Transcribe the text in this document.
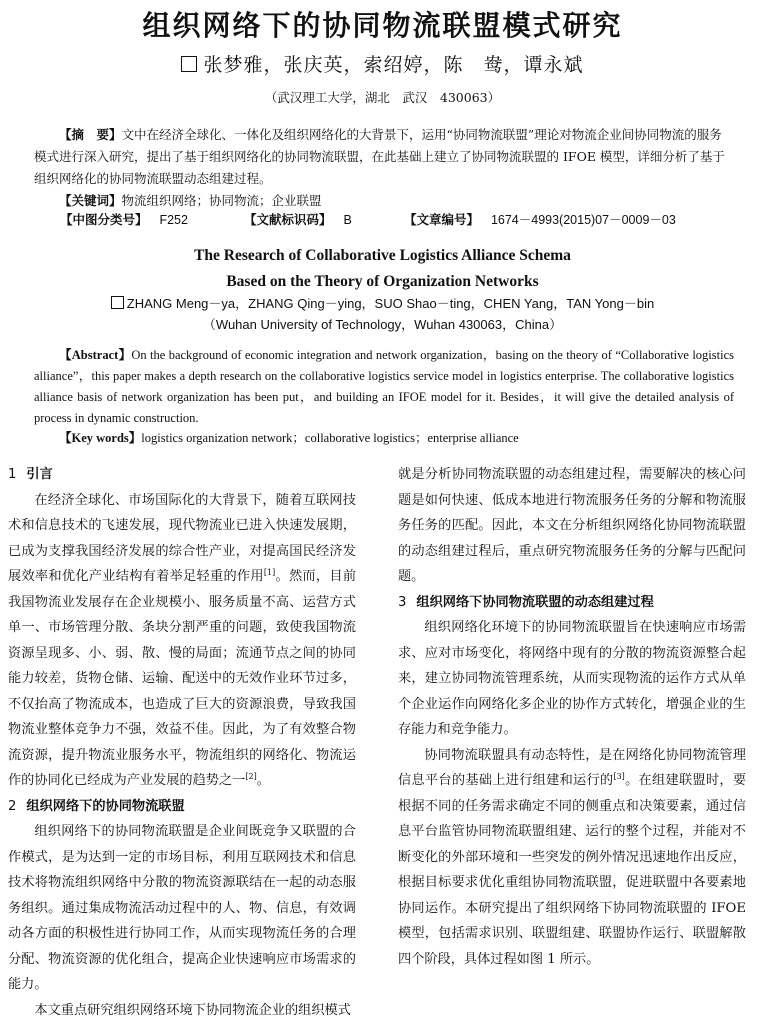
组织网络下的协同物流联盟模式研究
张梦雅，张庆英，索绍婷，陈　鸯，谭永斌
（武汉理工大学，湖北　武汉　430063）
【摘　要】文中在经济全球化、一体化及组织网络化的大背景下，运用“协同物流联盟”理论对物流企业间协同物流的服务模式进行深入研究，提出了基于组织网络化的协同物流联盟，在此基础上建立了协同物流联盟的 IFOE 模型，详细分析了基于组织网络化的协同物流联盟动态组建过程。
【关键词】物流组织网络；协同物流；企业联盟
【中图分类号】 F252	【文献标识码】 B	【文章编号】 1674－4993(2015)07－0009－03
The Research of Collaborative Logistics Alliance Schema
Based on the Theory of Organization Networks
ZHANG Meng－ya，ZHANG Qing－ying，SUO Shao－ting，CHEN Yang，TAN Yong－bin
（Wuhan University of Technology，Wuhan 430063，China）
【Abstract】On the background of economic integration and network organization，basing on the theory of “Collaborative logistics alliance”，this paper makes a depth research on the collaborative logistics service model in logistics enterprise. The collaborative logistics alliance basis of network organization has been put，and building an IFOE model for it. Besides，it will give the detailed analysis of process in dynamic construction.
【Key words】logistics organization network；collaborative logistics；enterprise alliance
1 引言

在经济全球化、市场国际化的大背景下，随着互联网技术和信息技术的飞速发展，现代物流业已进入快速发展期，已成为支撑我国经济发展的综合性产业，对提高国民经济发展效率和优化产业结构有着举足轻重的作用[1]。然而，目前我国物流业发展存在企业规模小、服务质量不高、运营方式单一、市场管理分散、条块分割严重的问题，致使我国物流资源呈现多、小、弱、散、慢的局面；流通节点之间的协同能力较差，货物仓储、运输、配送中的无效作业环节过多，不仅抬高了物流成本，也造成了巨大的资源浪费，导致我国物流业整体竞争力不强，效益不佳。因此，为了有效整合物流资源，提升物流业服务水平，物流组织的网络化、物流运作的协同化已经成为产业发展的趋势之一[2]。

2 组织网络下的协同物流联盟

组织网络下的协同物流联盟是企业间既竞争又联盟的合作模式，是为达到一定的市场目标，利用互联网技术和信息技术将物流组织网络中分散的物流资源联结在一起的动态服务组织。通过集成物流活动过程中的人、物、信息，有效调动各方面的积极性进行协同工作，从而实现物流任务的合理分配、物流资源的优化组合，提高企业快速响应市场需求的能力。

本文重点研究组织网络环境下协同物流企业的组织模式

就是分析协同物流联盟的动态组建过程，需要解决的核心问题是如何快速、低成本地进行物流服务任务的分解和物流服务任务的匹配。因此，本文在分析组织网络化协同物流联盟的动态组建过程后，重点研究物流服务任务的分解与匹配问题。

3 组织网络下协同物流联盟的动态组建过程

组织网络化环境下的协同物流联盟旨在快速响应市场需求、应对市场变化，将网络中现有的分散的物流资源整合起来，建立协同物流管理系统，从而实现物流的运作方式从单个企业运作向网络化多企业的协作方式转化，增强企业的生存能力和竞争能力。

协同物流联盟具有动态特性，是在网络化协同物流管理信息平台的基础上进行组建和运行的[3]。在组建联盟时，要根据不同的任务需求确定不同的侧重点和决策要素，通过信息平台监管协同物流联盟组建、运行的整个过程，并能对不断变化的外部环境和一些突发的例外情况迅速地作出反应，根据目标要求优化重组协同物流联盟，促进联盟中各要素地协同运作。本研究提出了组织网络下协同物流联盟的 IFOE 模型，包括需求识别、联盟组建、联盟协作运行、联盟解散四个阶段，具体过程如图 1 所示。
